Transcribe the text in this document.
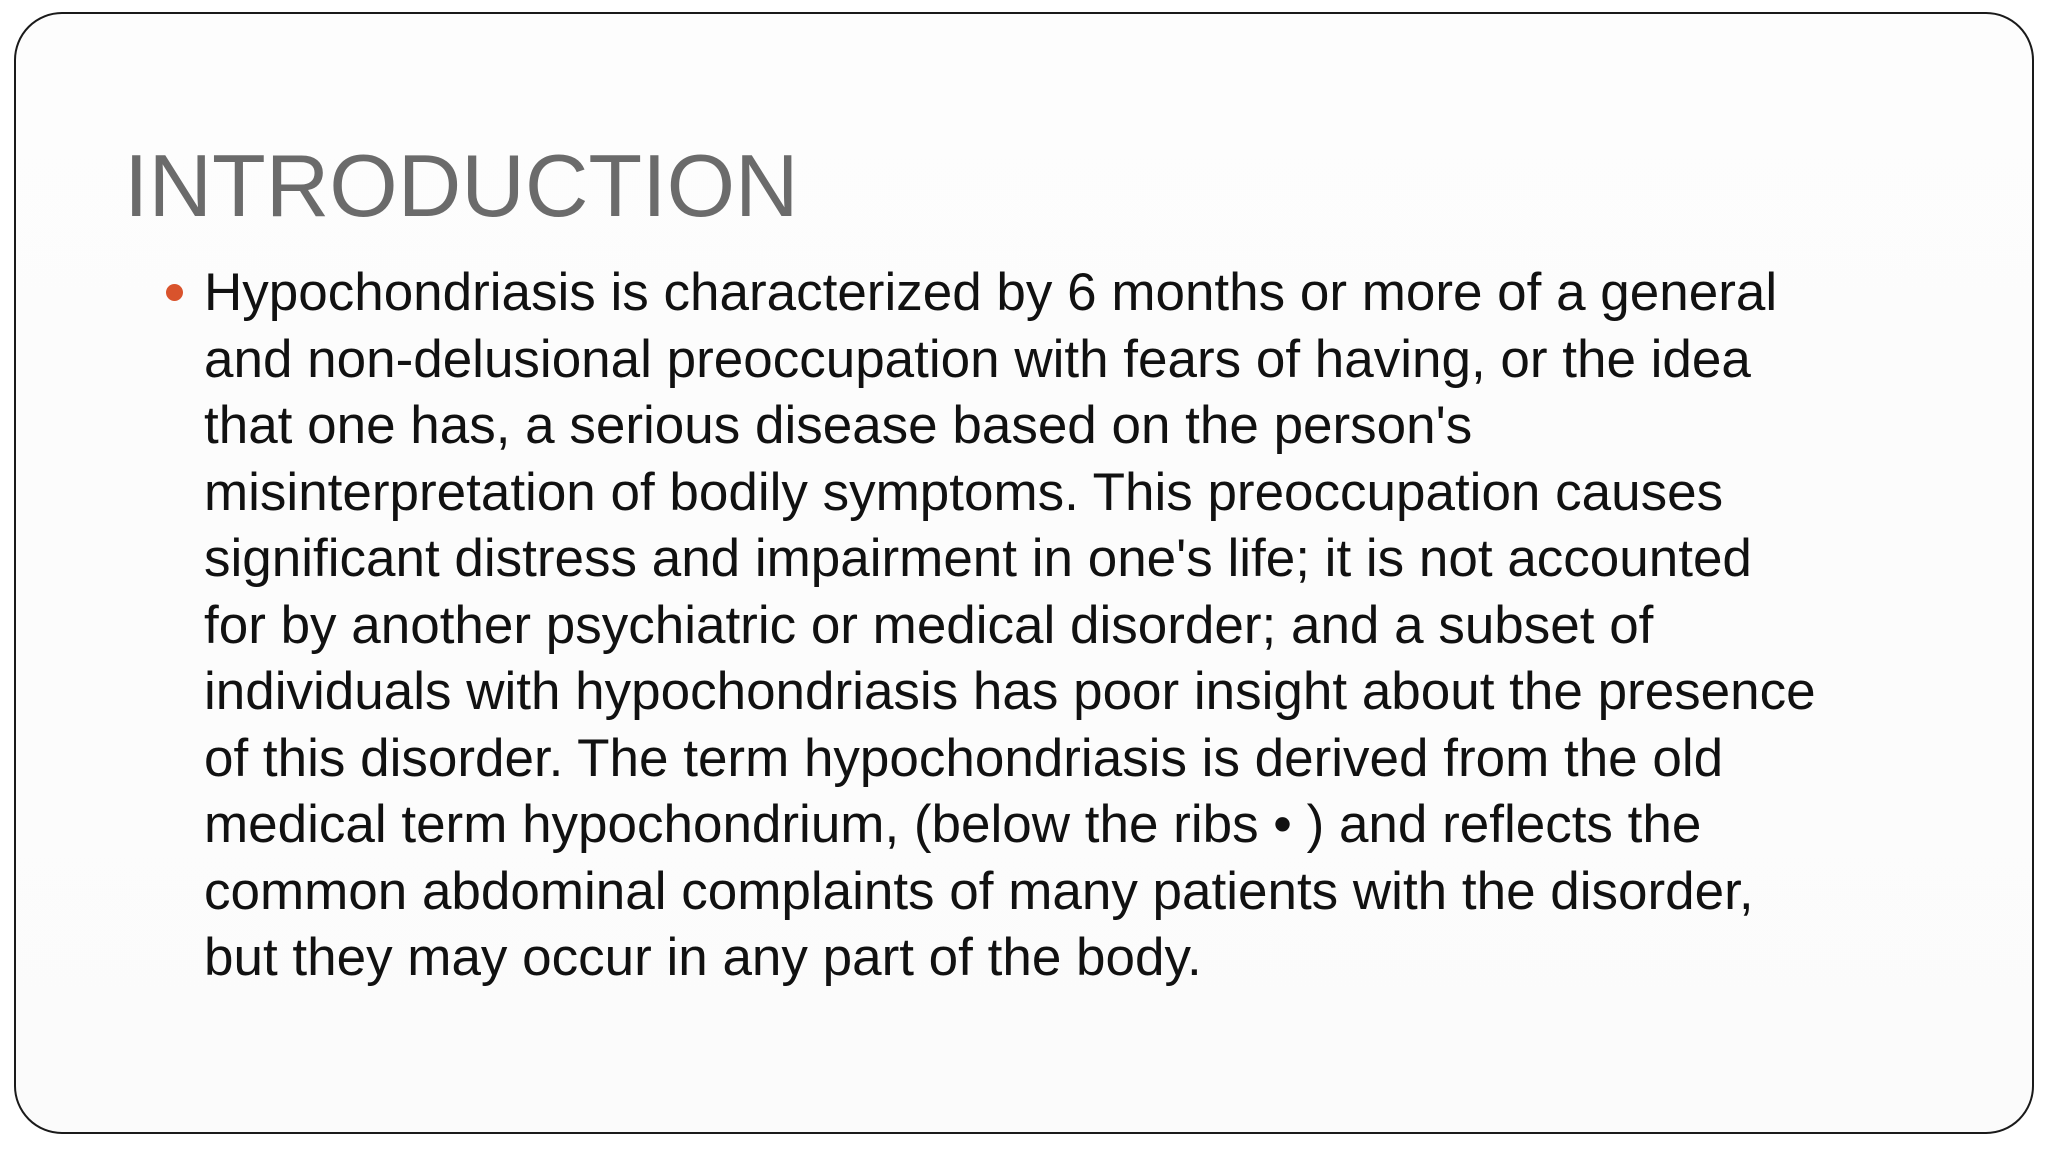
INTRODUCTION
Hypochondriasis is characterized by 6 months or more of a general
and non-delusional preoccupation with fears of having, or the idea
that one has, a serious disease based on the person's
misinterpretation of bodily symptoms. This preoccupation causes
significant distress and impairment in one's life; it is not accounted
for by another psychiatric or medical disorder; and a subset of
individuals with hypochondriasis has poor insight about the presence
of this disorder. The term hypochondriasis is derived from the old
medical term hypochondrium, (below the ribs • ) and reflects the
common abdominal complaints of many patients with the disorder,
but they may occur in any part of the body.
